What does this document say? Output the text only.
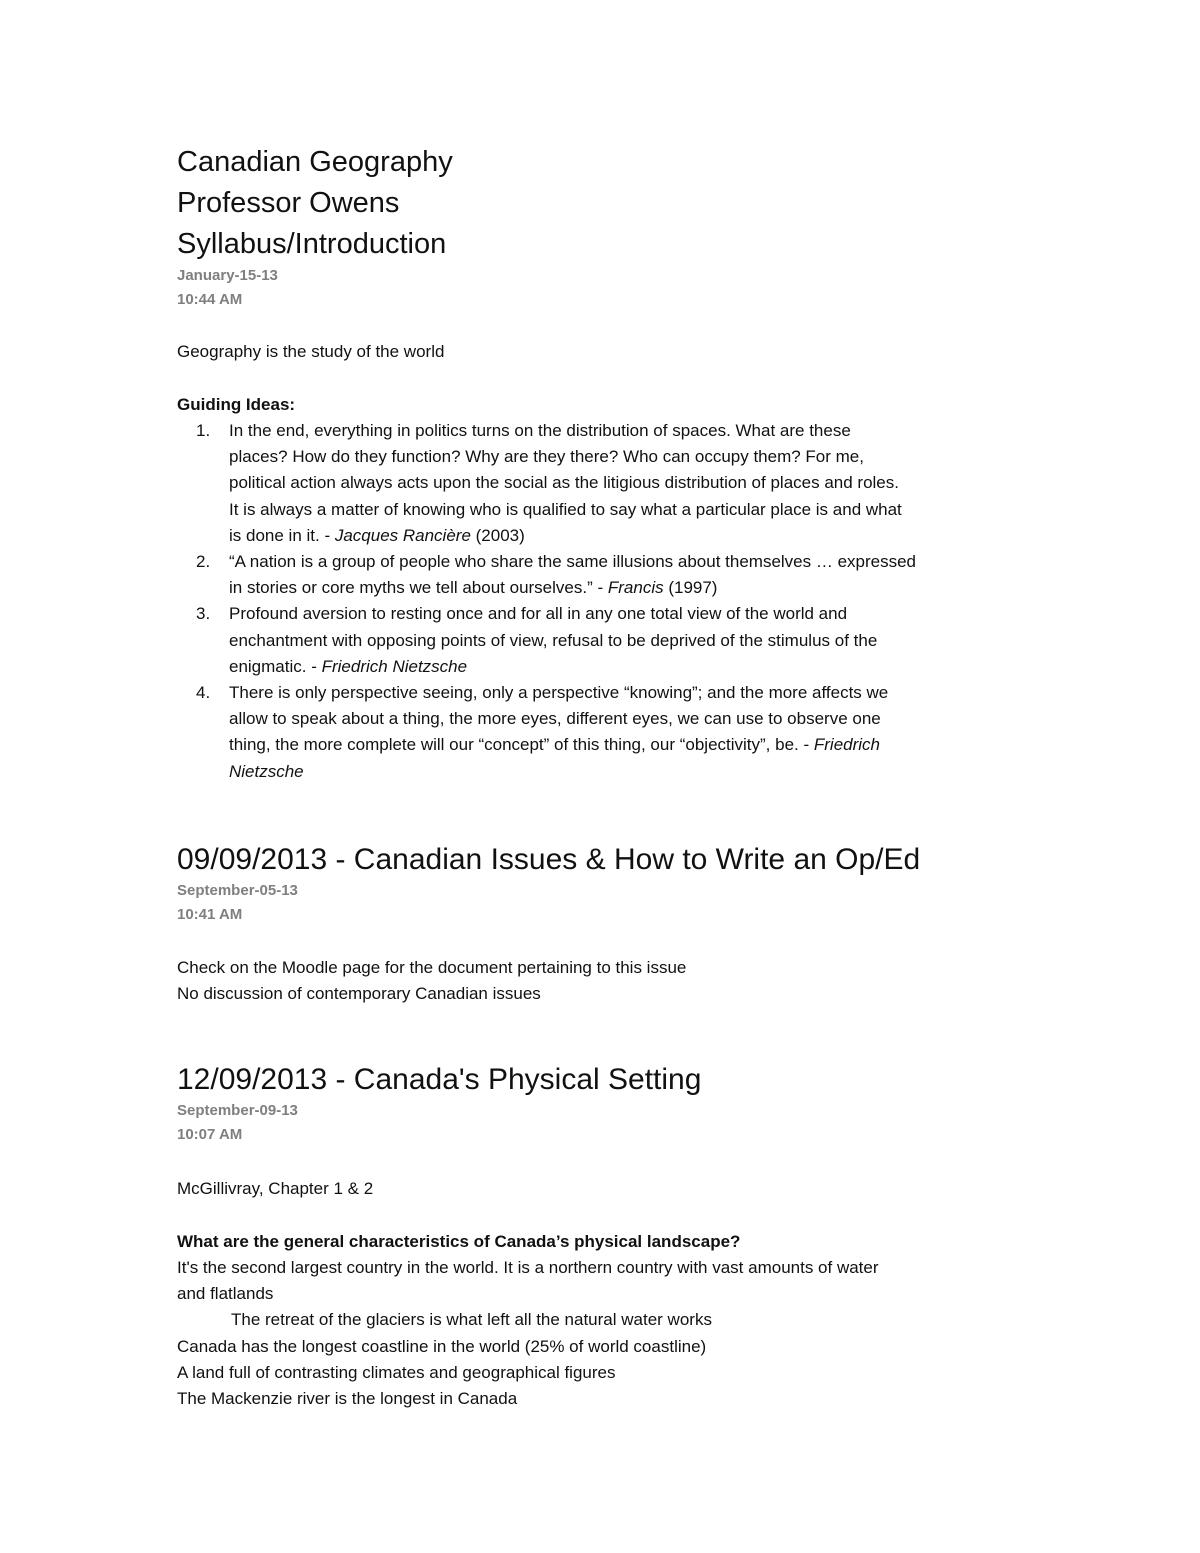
Canadian Geography
Professor Owens
Syllabus/Introduction
January-15-13
10:44 AM
Geography is the study of the world
Guiding Ideas:
1. In the end, everything in politics turns on the distribution of spaces. What are these
places? How do they function? Why are they there? Who can occupy them? For me,
political action always acts upon the social as the litigious distribution of places and roles.
It is always a matter of knowing who is qualified to say what a particular place is and what
is done in it. - Jacques Rancière (2003)
2. “A nation is a group of people who share the same illusions about themselves … expressed
in stories or core myths we tell about ourselves.” - Francis (1997)
3. Profound aversion to resting once and for all in any one total view of the world and
enchantment with opposing points of view, refusal to be deprived of the stimulus of the
enigmatic. - Friedrich Nietzsche
4. There is only perspective seeing, only a perspective “knowing”; and the more affects we
allow to speak about a thing, the more eyes, different eyes, we can use to observe one
thing, the more complete will our “concept” of this thing, our “objectivity”, be. - Friedrich
Nietzsche
09/09/2013 - Canadian Issues & How to Write an Op/Ed
September-05-13
10:41 AM
Check on the Moodle page for the document pertaining to this issue
No discussion of contemporary Canadian issues
12/09/2013 - Canada's Physical Setting
September-09-13
10:07 AM
McGillivray, Chapter 1 & 2
What are the general characteristics of Canada’s physical landscape?
It's the second largest country in the world. It is a northern country with vast amounts of water
and flatlands
The retreat of the glaciers is what left all the natural water works
Canada has the longest coastline in the world (25% of world coastline)
A land full of contrasting climates and geographical figures
The Mackenzie river is the longest in Canada
